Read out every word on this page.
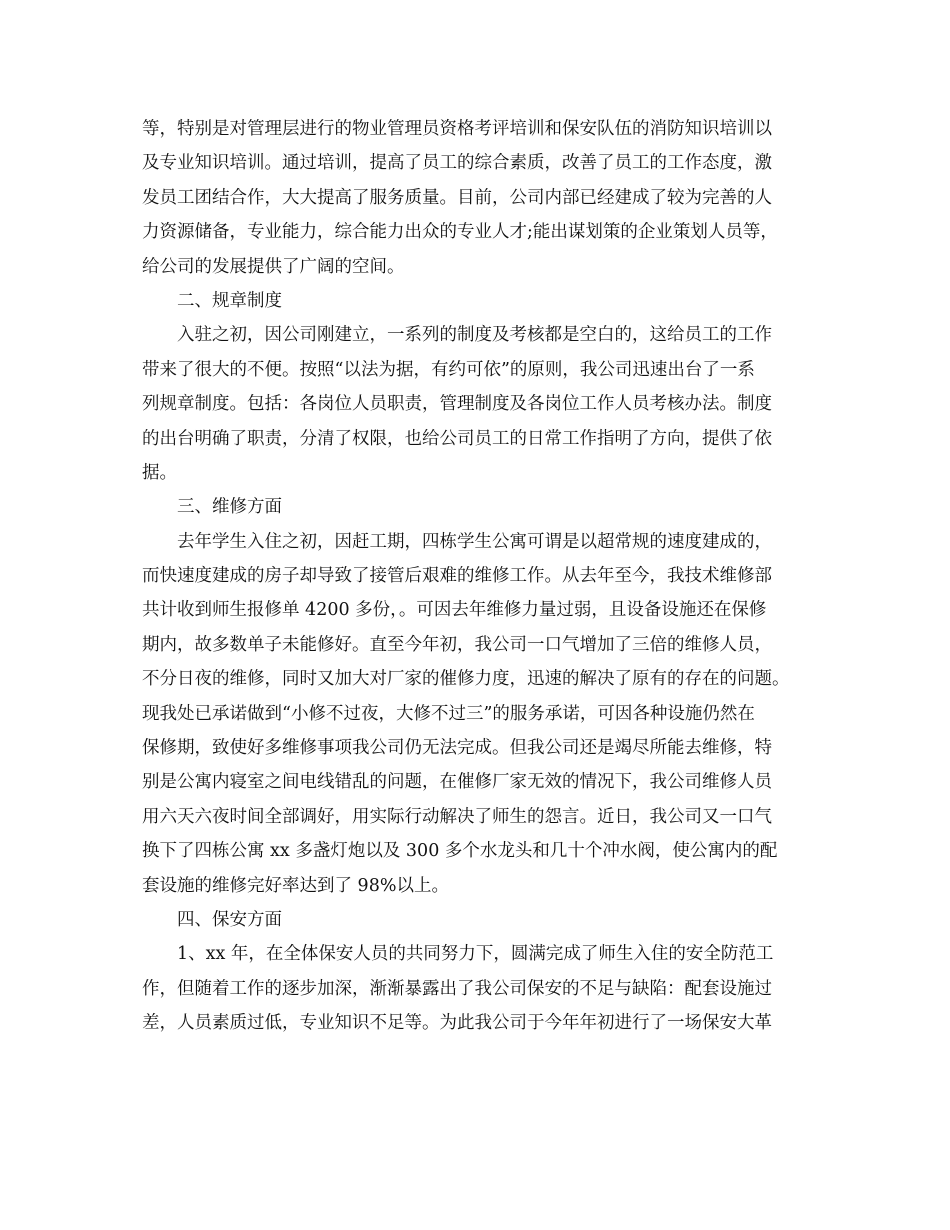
等，特别是对管理层进行的物业管理员资格考评培训和保安队伍的消防知识培训以
及专业知识培训。通过培训，提高了员工的综合素质，改善了员工的工作态度，激
发员工团结合作，大大提高了服务质量。目前，公司内部已经建成了较为完善的人
力资源储备，专业能力，综合能力出众的专业人才;能出谋划策的企业策划人员等，
给公司的发展提供了广阔的空间。
二、规章制度
入驻之初，因公司刚建立，一系列的制度及考核都是空白的，这给员工的工作
带来了很大的不便。按照“以法为据，有约可依”的原则，我公司迅速出台了一系
列规章制度。包括：各岗位人员职责，管理制度及各岗位工作人员考核办法。制度
的出台明确了职责，分清了权限，也给公司员工的日常工作指明了方向，提供了依
据。
三、维修方面
去年学生入住之初，因赶工期，四栋学生公寓可谓是以超常规的速度建成的，
而快速度建成的房子却导致了接管后艰难的维修工作。从去年至今，我技术维修部
共计收到师生报修单 4200 多份，。可因去年维修力量过弱，且设备设施还在保修
期内，故多数单子未能修好。直至今年初，我公司一口气增加了三倍的维修人员，
不分日夜的维修，同时又加大对厂家的催修力度，迅速的解决了原有的存在的问题。
现我处已承诺做到“小修不过夜，大修不过三”的服务承诺，可因各种设施仍然在
保修期，致使好多维修事项我公司仍无法完成。但我公司还是竭尽所能去维修，特
别是公寓内寝室之间电线错乱的问题，在催修厂家无效的情况下，我公司维修人员
用六天六夜时间全部调好，用实际行动解决了师生的怨言。近日，我公司又一口气
换下了四栋公寓 xx 多盏灯炮以及 300 多个水龙头和几十个冲水阀，使公寓内的配
套设施的维修完好率达到了 98%以上。
四、保安方面
1、xx 年，在全体保安人员的共同努力下，圆满完成了师生入住的安全防范工
作，但随着工作的逐步加深，渐渐暴露出了我公司保安的不足与缺陷：配套设施过
差，人员素质过低，专业知识不足等。为此我公司于今年年初进行了一场保安大革
